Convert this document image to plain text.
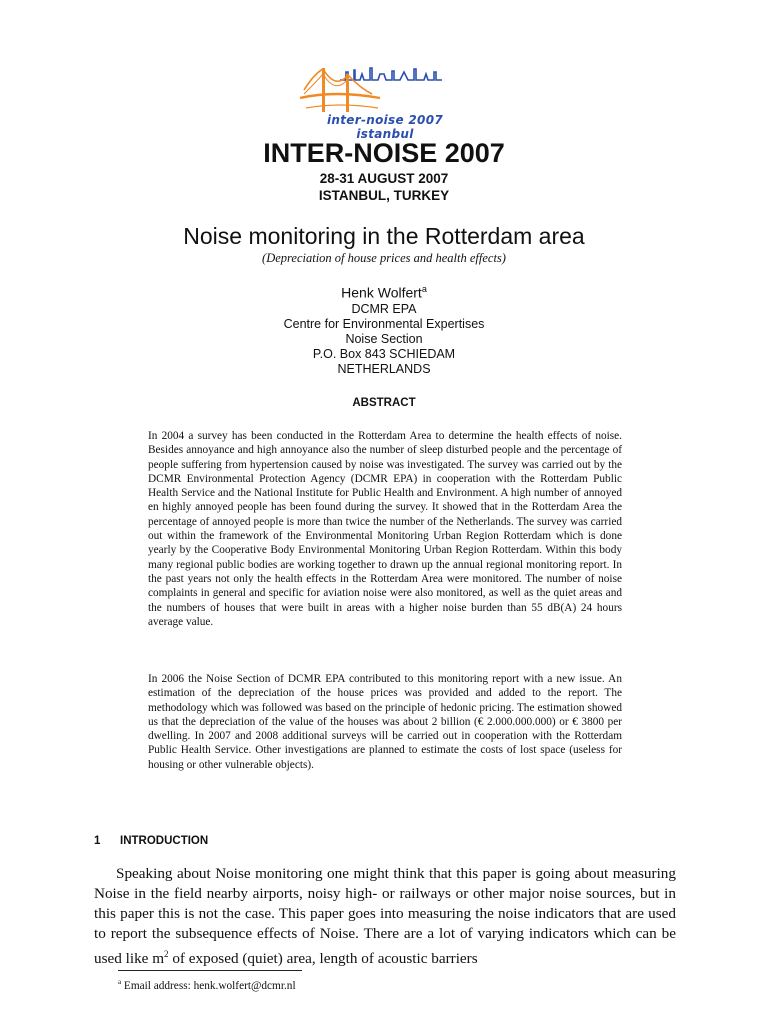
inter-noise 2007 istanbul
INTER-NOISE 2007
28-31 AUGUST 2007
ISTANBUL, TURKEY
Noise monitoring in the Rotterdam area
(Depreciation of house prices and health effects)
Henk Wolfert$^a$
DCMR EPA
Centre for Environmental Expertises
Noise Section
P.O. Box 843 SCHIEDAM
NETHERLANDS
ABSTRACT

In 2004 a survey has been conducted in the Rotterdam Area to determine the health effects of noise. Besides annoyance and high annoyance also the number of sleep disturbed people and the percentage of people suffering from hypertension caused by noise was investigated. The survey was carried out by the DCMR Environmental Protection Agency (DCMR EPA) in cooperation with the Rotterdam Public Health Service and the National Institute for Public Health and Environment. A high number of annoyed en highly annoyed people has been found during the survey. It showed that in the Rotterdam Area the percentage of annoyed people is more than twice the number of the Netherlands. The survey was carried out within the framework of the Environmental Monitoring Urban Region Rotterdam which is done yearly by the Cooperative Body Environmental Monitoring Urban Region Rotterdam. Within this body many regional public bodies are working together to drawn up the annual regional monitoring report. In the past years not only the health effects in the Rotterdam Area were monitored. The number of noise complaints in general and specific for aviation noise were also monitored, as well as the quiet areas and the numbers of houses that were built in areas with a higher noise burden than 55 dB(A) 24 hours average value.

In 2006 the Noise Section of DCMR EPA contributed to this monitoring report with a new issue. An estimation of the depreciation of the house prices was provided and added to the report. The methodology which was followed was based on the principle of hedonic pricing. The estimation showed us that the depreciation of the value of the houses was about 2 billion (€ 2.000.000.000) or € 3800 per dwelling. In 2007 and 2008 additional surveys will be carried out in cooperation with the Rotterdam Public Health Service. Other investigations are planned to estimate the costs of lost space (useless for housing or other vulnerable objects).

1 INTRODUCTION

Speaking about Noise monitoring one might think that this paper is going about measuring Noise in the field nearby airports, noisy high- or railways or other major noise sources, but in this paper this is not the case. This paper goes into measuring the noise indicators that are used to report the subsequence effects of Noise. There are a lot of varying indicators which can be used like $m^2$ of exposed (quiet) area, length of acoustic barriers

$^a$ Email address: henk.wolfert@dcmr.nl
